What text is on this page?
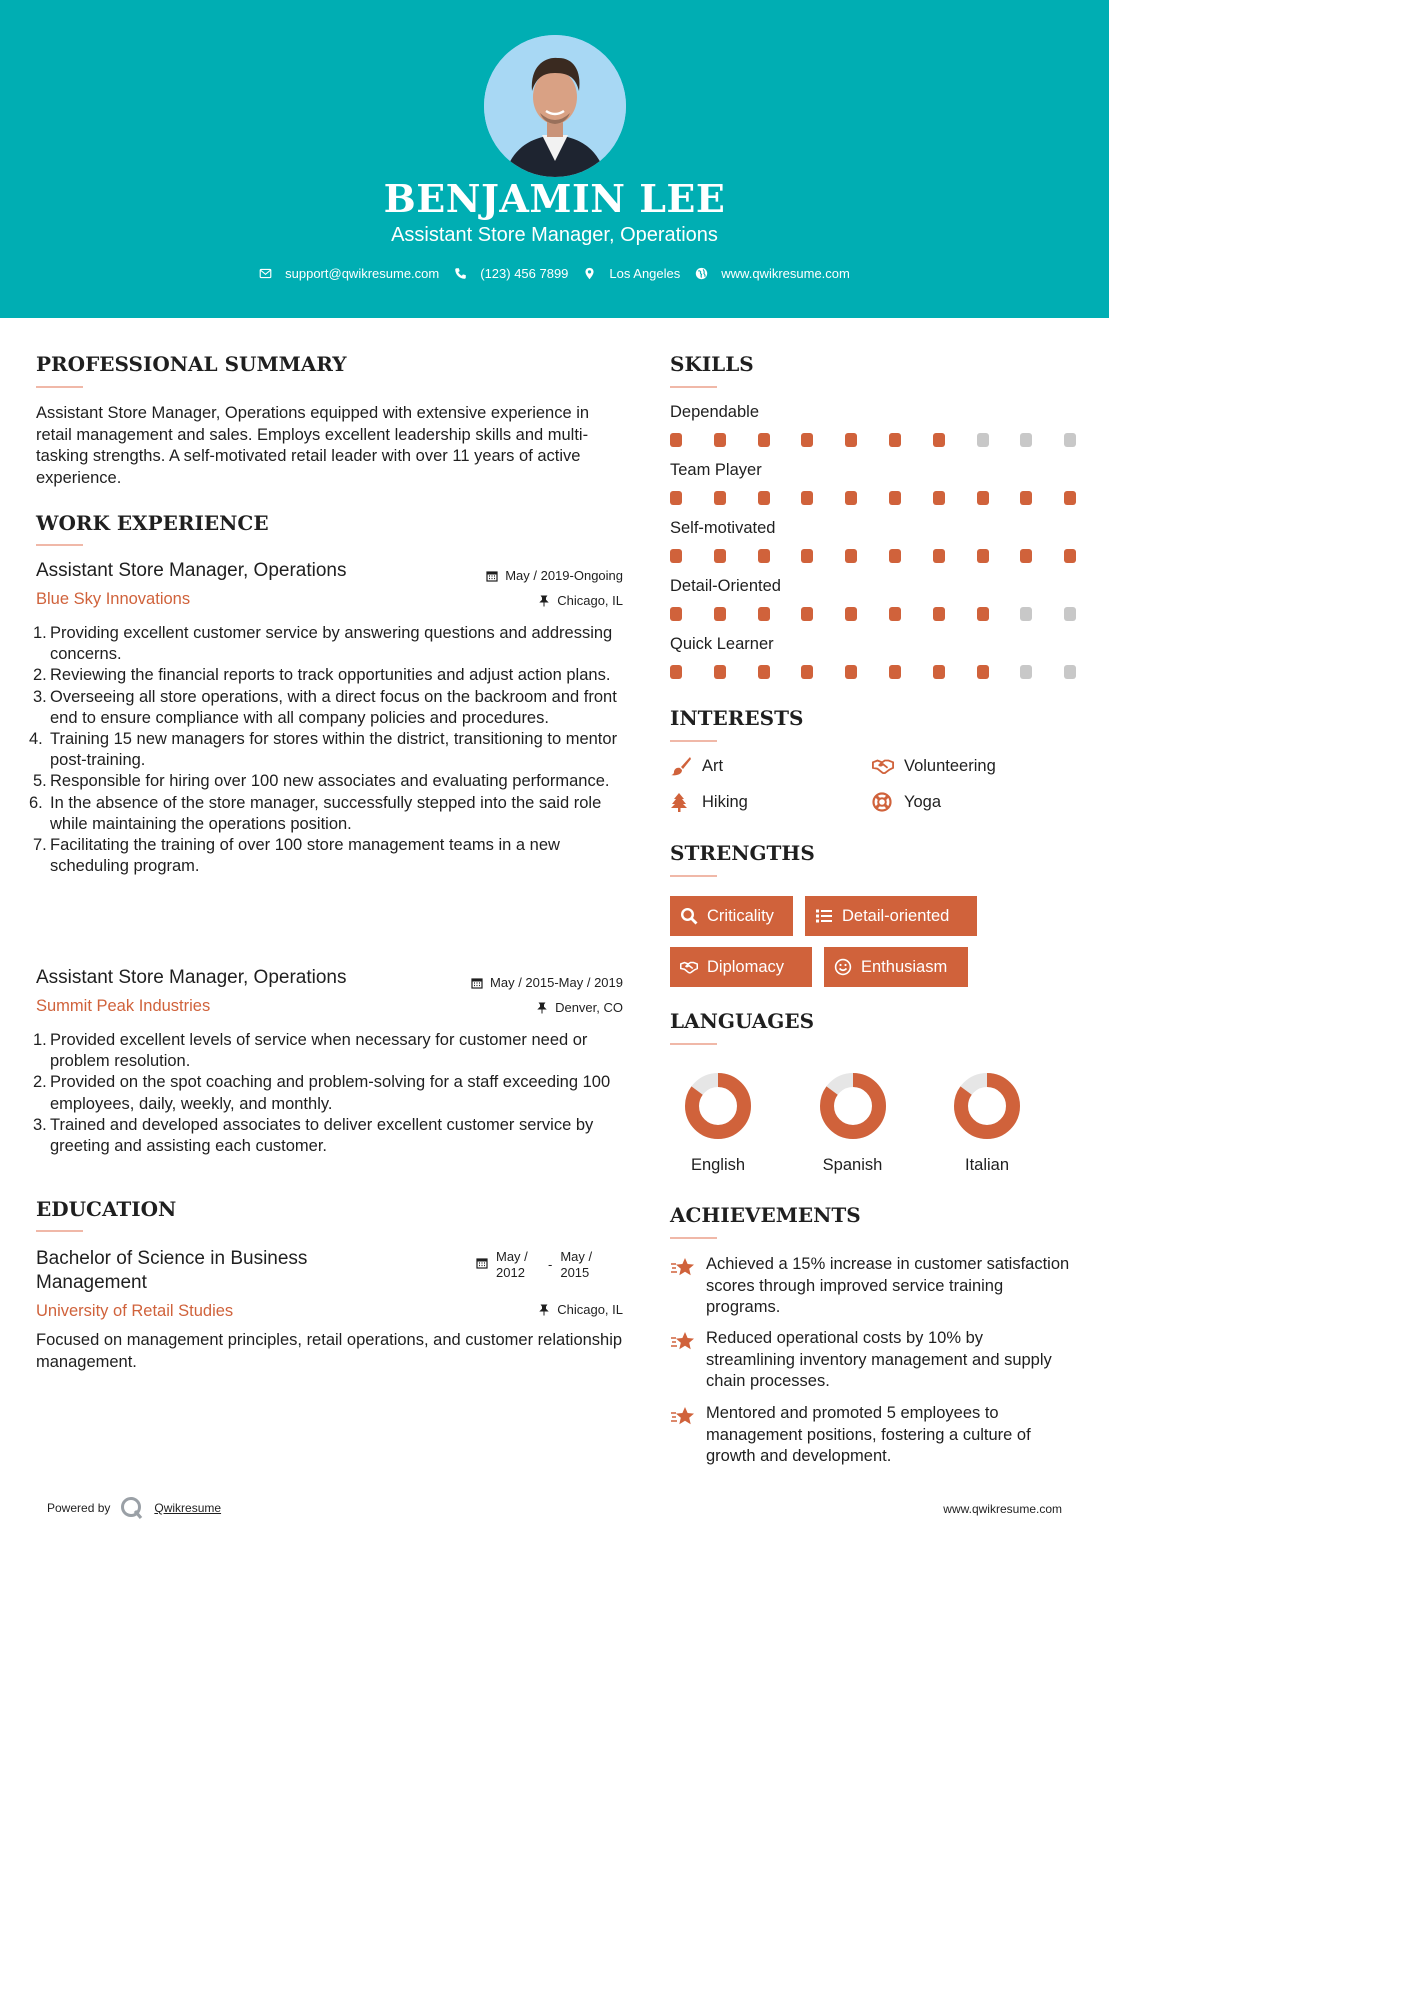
BENJAMIN LEE
Assistant Store Manager, Operations
support@qwikresume.com	(123) 456 7899	Los Angeles	www.qwikresume.com
PROFESSIONAL SUMMARY
Assistant Store Manager, Operations equipped with extensive experience in retail management and sales. Employs excellent leadership skills and multi-tasking strengths. A self-motivated retail leader with over 11 years of active experience.
WORK EXPERIENCE
Assistant Store Manager, Operations	May / 2019-Ongoing
Blue Sky Innovations	Chicago, IL
1. Providing excellent customer service by answering questions and addressing concerns.
2. Reviewing the financial reports to track opportunities and adjust action plans.
3. Overseeing all store operations, with a direct focus on the backroom and front end to ensure compliance with all company policies and procedures.
4. Training 15 new managers for stores within the district, transitioning to mentor post-training.
5. Responsible for hiring over 100 new associates and evaluating performance.
6. In the absence of the store manager, successfully stepped into the said role while maintaining the operations position.
7. Facilitating the training of over 100 store management teams in a new scheduling program.
Assistant Store Manager, Operations	May / 2015-May / 2019
Summit Peak Industries	Denver, CO
1. Provided excellent levels of service when necessary for customer need or problem resolution.
2. Provided on the spot coaching and problem-solving for a staff exceeding 100 employees, daily, weekly, and monthly.
3. Trained and developed associates to deliver excellent customer service by greeting and assisting each customer.
EDUCATION
Bachelor of Science in Business Management
May / 2012
-
May / 2015
University of Retail Studies	Chicago, IL
Focused on management principles, retail operations, and customer relationship management.
SKILLS
Dependable
Team Player
Self-motivated
Detail-Oriented
Quick Learner
INTERESTS
Art	Volunteering
Hiking	Yoga
STRENGTHS
Criticality	Detail-oriented
Diplomacy	Enthusiasm
LANGUAGES
English	Spanish	Italian
ACHIEVEMENTS
Achieved a 15% increase in customer satisfaction scores through improved service training programs.
Reduced operational costs by 10% by streamlining inventory management and supply chain processes.
Mentored and promoted 5 employees to management positions, fostering a culture of growth and development.
Powered by	Qwikresume	www.qwikresume.com
